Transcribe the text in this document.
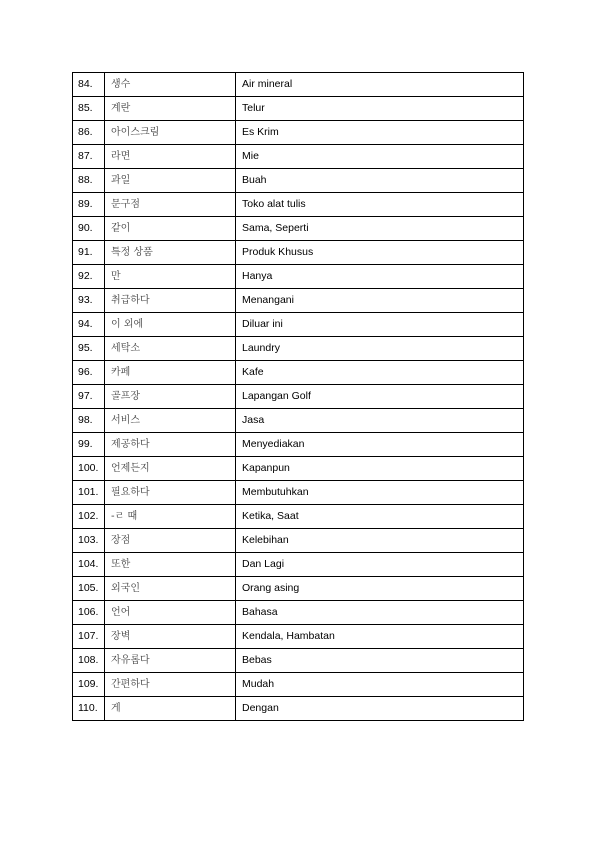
84.	생수	Air mineral
85.	계란	Telur
86.	아이스크림	Es Krim
87.	라면	Mie
88.	과일	Buah
89.	문구점	Toko alat tulis
90.	같이	Sama, Seperti
91.	특정 상품	Produk Khusus
92.	만	Hanya
93.	취급하다	Menangani
94.	이 외에	Diluar ini
95.	세탁소	Laundry
96.	카페	Kafe
97.	골프장	Lapangan Golf
98.	서비스	Jasa
99.	제공하다	Menyediakan
100.	언제든지	Kapanpun
101.	필요하다	Membutuhkan
102.	-ㄹ 때	Ketika, Saat
103.	장점	Kelebihan
104.	또한	Dan Lagi
105.	외국인	Orang asing
106.	언어	Bahasa
107.	장벽	Kendala, Hambatan
108.	자유롭다	Bebas
109.	간편하다	Mudah
110.	게	Dengan
